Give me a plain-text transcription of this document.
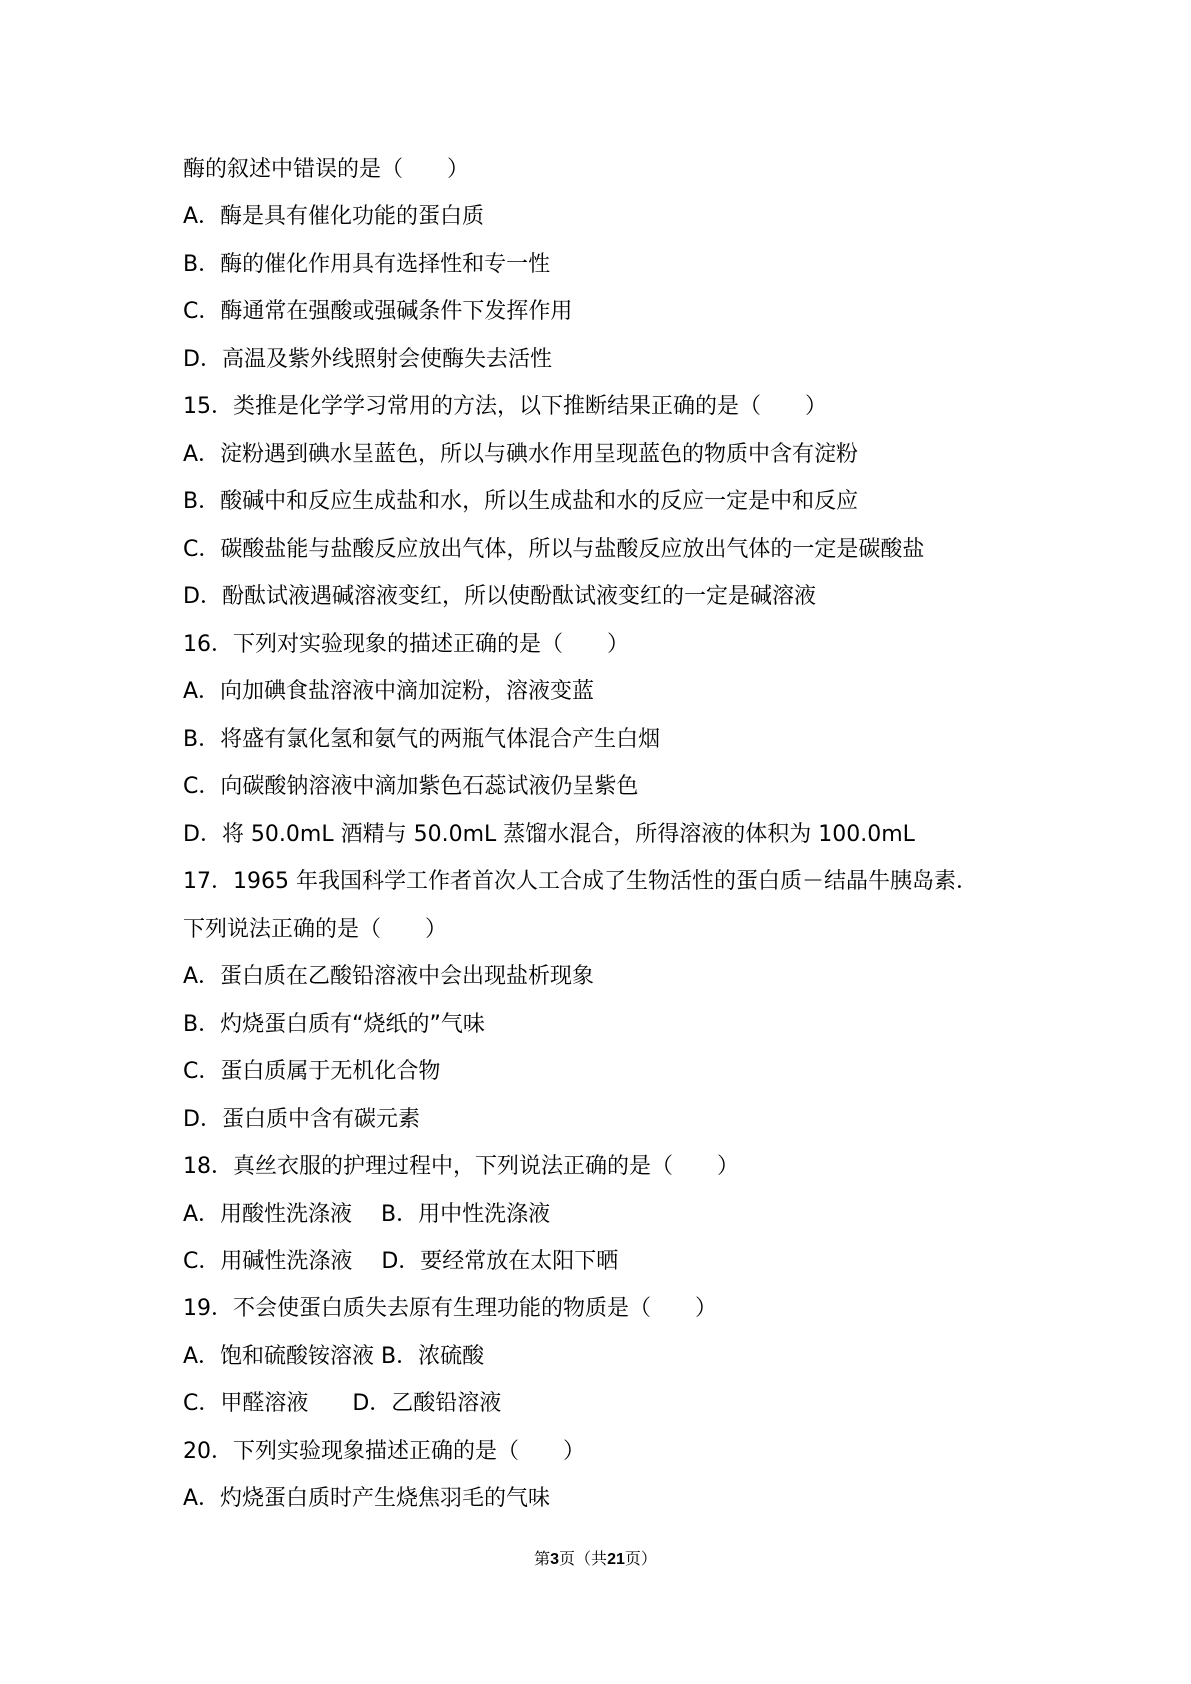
酶的叙述中错误的是（　　）
A．酶是具有催化功能的蛋白质
B．酶的催化作用具有选择性和专一性
C．酶通常在强酸或强碱条件下发挥作用
D．高温及紫外线照射会使酶失去活性
15．类推是化学学习常用的方法，以下推断结果正确的是（　　）
A．淀粉遇到碘水呈蓝色，所以与碘水作用呈现蓝色的物质中含有淀粉
B．酸碱中和反应生成盐和水，所以生成盐和水的反应一定是中和反应
C．碳酸盐能与盐酸反应放出气体，所以与盐酸反应放出气体的一定是碳酸盐
D．酚酞试液遇碱溶液变红，所以使酚酞试液变红的一定是碱溶液
16．下列对实验现象的描述正确的是（　　）
A．向加碘食盐溶液中滴加淀粉，溶液变蓝
B．将盛有氯化氢和氨气的两瓶气体混合产生白烟
C．向碳酸钠溶液中滴加紫色石蕊试液仍呈紫色
D．将 50.0mL 酒精与 50.0mL 蒸馏水混合，所得溶液的体积为 100.0mL
17．1965 年我国科学工作者首次人工合成了生物活性的蛋白质－结晶牛胰岛素．
下列说法正确的是（　　）
A．蛋白质在乙酸铅溶液中会出现盐析现象
B．灼烧蛋白质有“烧纸的”气味
C．蛋白质属于无机化合物
D．蛋白质中含有碳元素
18．真丝衣服的护理过程中，下列说法正确的是（　　）
A．用酸性洗涤液　 B．用中性洗涤液
C．用碱性洗涤液　 D．要经常放在太阳下晒
19．不会使蛋白质失去原有生理功能的物质是（　　）
A．饱和硫酸铵溶液 B．浓硫酸
C．甲醛溶液　　D．乙酸铅溶液
20．下列实验现象描述正确的是（　　）
A．灼烧蛋白质时产生烧焦羽毛的气味
第3页（共21页）
